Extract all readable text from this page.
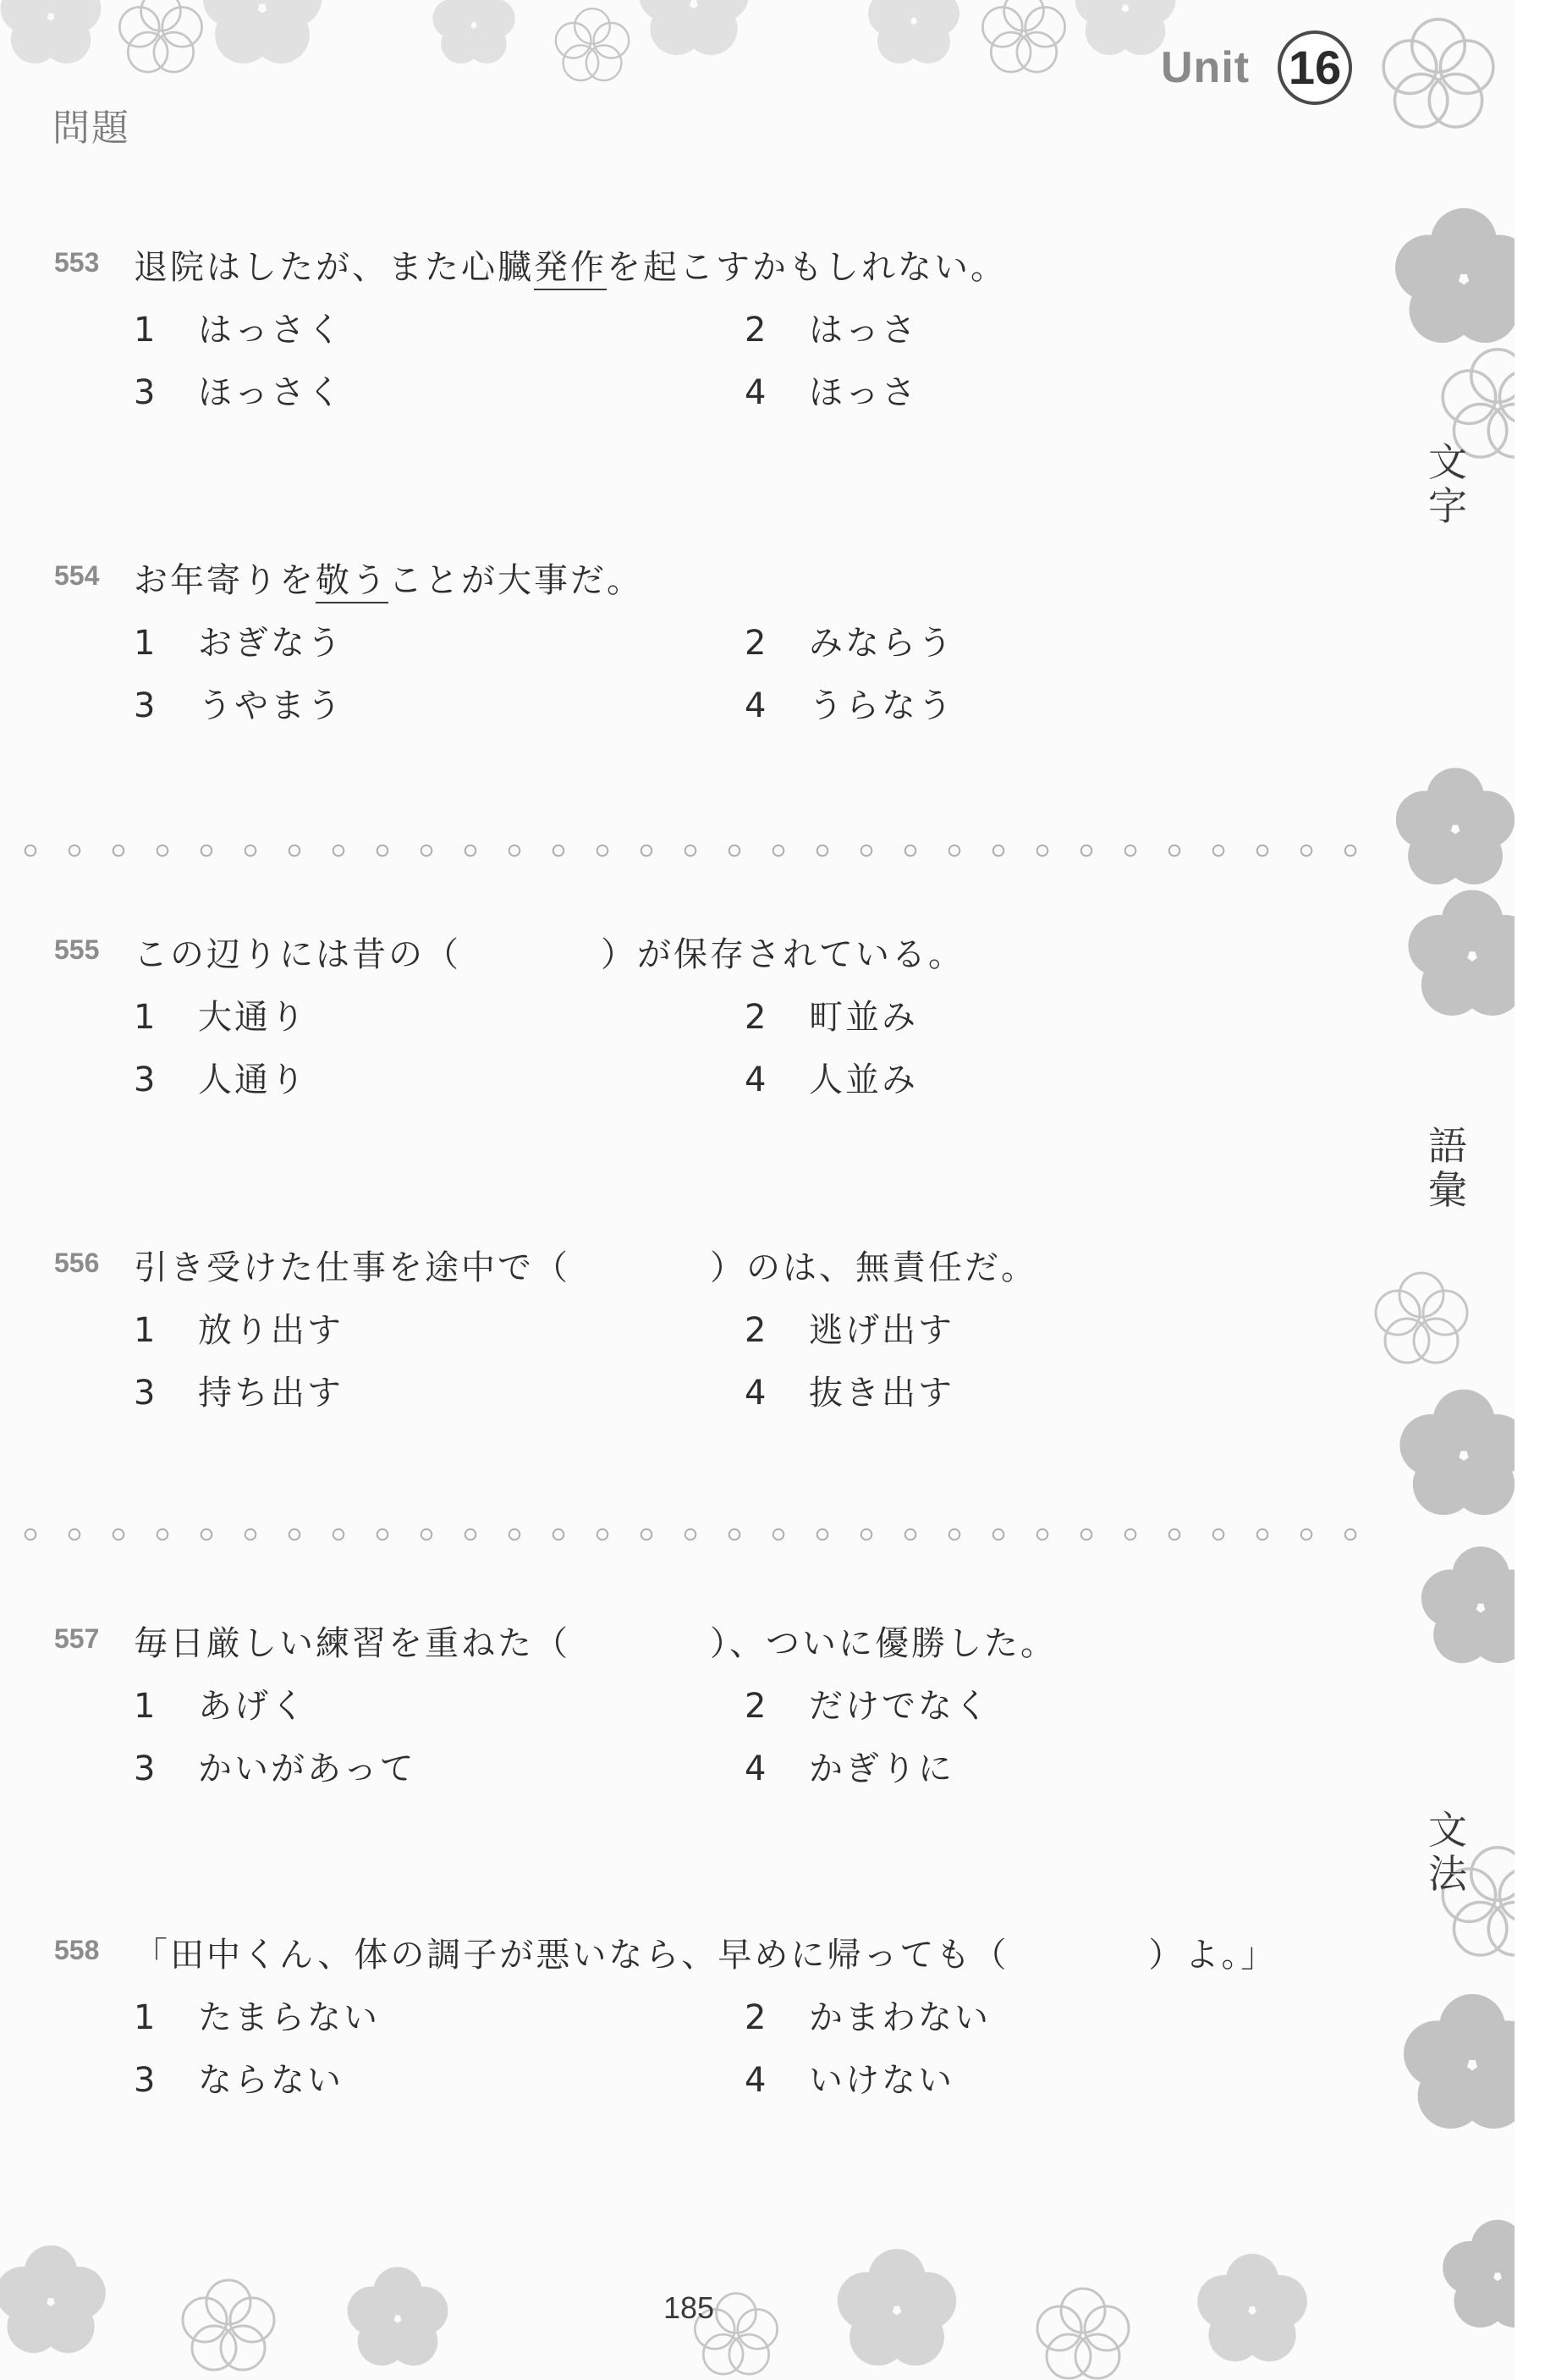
Unit 16
問題
文字
語彙
文法
553 退院はしたが、また心臓発作を起こすかもしれない。
1 はっさく	2 はっさ
3 ほっさく	4 ほっさ
554 お年寄りを敬うことが大事だ。
1 おぎなう	2 みならう
3 うやまう	4 うらなう
555 この辺りには昔の（	）が保存されている。
1 大通り	2 町並み
3 人通り	4 人並み
556 引き受けた仕事を途中で（	）のは、無責任だ。
1 放り出す	2 逃げ出す
3 持ち出す	4 抜き出す
557 毎日厳しい練習を重ねた（	）、ついに優勝した。
1 あげく	2 だけでなく
3 かいがあって	4 かぎりに
558 「田中くん、体の調子が悪いなら、早めに帰っても（	）よ。」
1 たまらない	2 かまわない
3 ならない	4 いけない
185
